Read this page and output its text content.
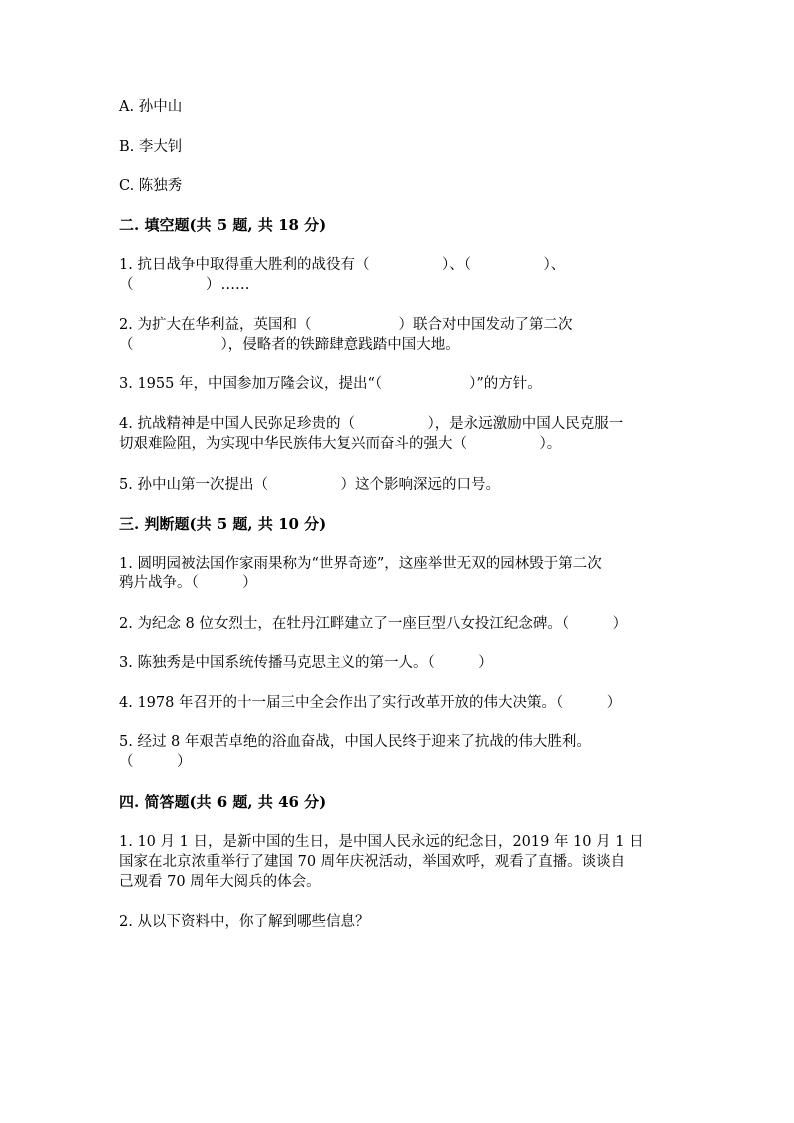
A. 孙中山
B. 李大钊
C. 陈独秀
二. 填空题(共 5 题, 共 18 分)
1. 抗日战争中取得重大胜利的战役有（　　　　　）、（　　　　　）、
（　　　　　）……
2. 为扩大在华利益，英国和（　　　　　　）联合对中国发动了第二次
（　　　　　　），侵略者的铁蹄肆意践踏中国大地。
3. 1955 年，中国参加万隆会议，提出“（　　　　　　）”的方针。
4. 抗战精神是中国人民弥足珍贵的（　　　　　），是永远激励中国人民克服一
切艰难险阻，为实现中华民族伟大复兴而奋斗的强大（　　　　　）。
5. 孙中山第一次提出（　　　　　）这个影响深远的口号。
三. 判断题(共 5 题, 共 10 分)
1. 圆明园被法国作家雨果称为“世界奇迹”，这座举世无双的园林毁于第二次
鸦片战争。（　　　）
2. 为纪念 8 位女烈士，在牡丹江畔建立了一座巨型八女投江纪念碑。（　　　）
3. 陈独秀是中国系统传播马克思主义的第一人。（　　　）
4. 1978 年召开的十一届三中全会作出了实行改革开放的伟大决策。（　　　）
5. 经过 8 年艰苦卓绝的浴血奋战，中国人民终于迎来了抗战的伟大胜利。
（　　　）
四. 简答题(共 6 题, 共 46 分)
1. 10 月 1 日，是新中国的生日，是中国人民永远的纪念日，2019 年 10 月 1 日
国家在北京浓重举行了建国 70 周年庆祝活动，举国欢呼，观看了直播。谈谈自
己观看 70 周年大阅兵的体会。
2. 从以下资料中，你了解到哪些信息？
